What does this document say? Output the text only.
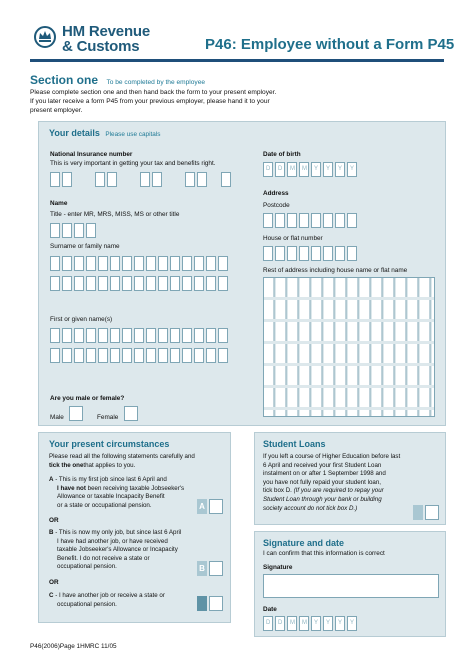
HM Revenue
& Customs	P46: Employee without a Form P45
Section one To be completed by the employee
Please complete section one and then hand back the form to your present employer.
If you later receive a form P45 from your previous employer, please hand it to your
present employer.
Your details Please use capitals
National Insurance number
This is very important in getting your tax and benefits right.
Name
Title - enter MR, MRS, MISS, MS or other title
Surname or family name
First or given name(s)
Are you male or female?
Male	Female
Date of birth
D D M M Y Y Y Y
Address
Postcode
House or flat number
Rest of address including house name or flat name
Your present circumstances
Please read all the following statements carefully and
tick the onethat applies to you.
A - This is my first job since last 6 April and
I have not been receiving taxable Jobseeker's
Allowance or taxable Incapacity Benefit
or a state or occupational pension.	A
OR
B - This is now my only job, but since last 6 April
I have had another job, or have received
taxable Jobseeker's Allowance or Incapacity
Benefit. I do not receive a state or
occupational pension.	B
OR
C - I have another job or receive a state or
occupational pension.
Student Loans
If you left a course of Higher Education before last
6 April and received your first Student Loan
instalment on or after 1 September 1998 and
you have not fully repaid your student loan,
tick box D. (If you are required to repay your
Student Loan through your bank or building
society account do not tick box D.)
Signature and date
I can confirm that this information is correct
Signature
Date
D D M M Y Y Y Y
P46(2006)Page 1HMRC 11/05
